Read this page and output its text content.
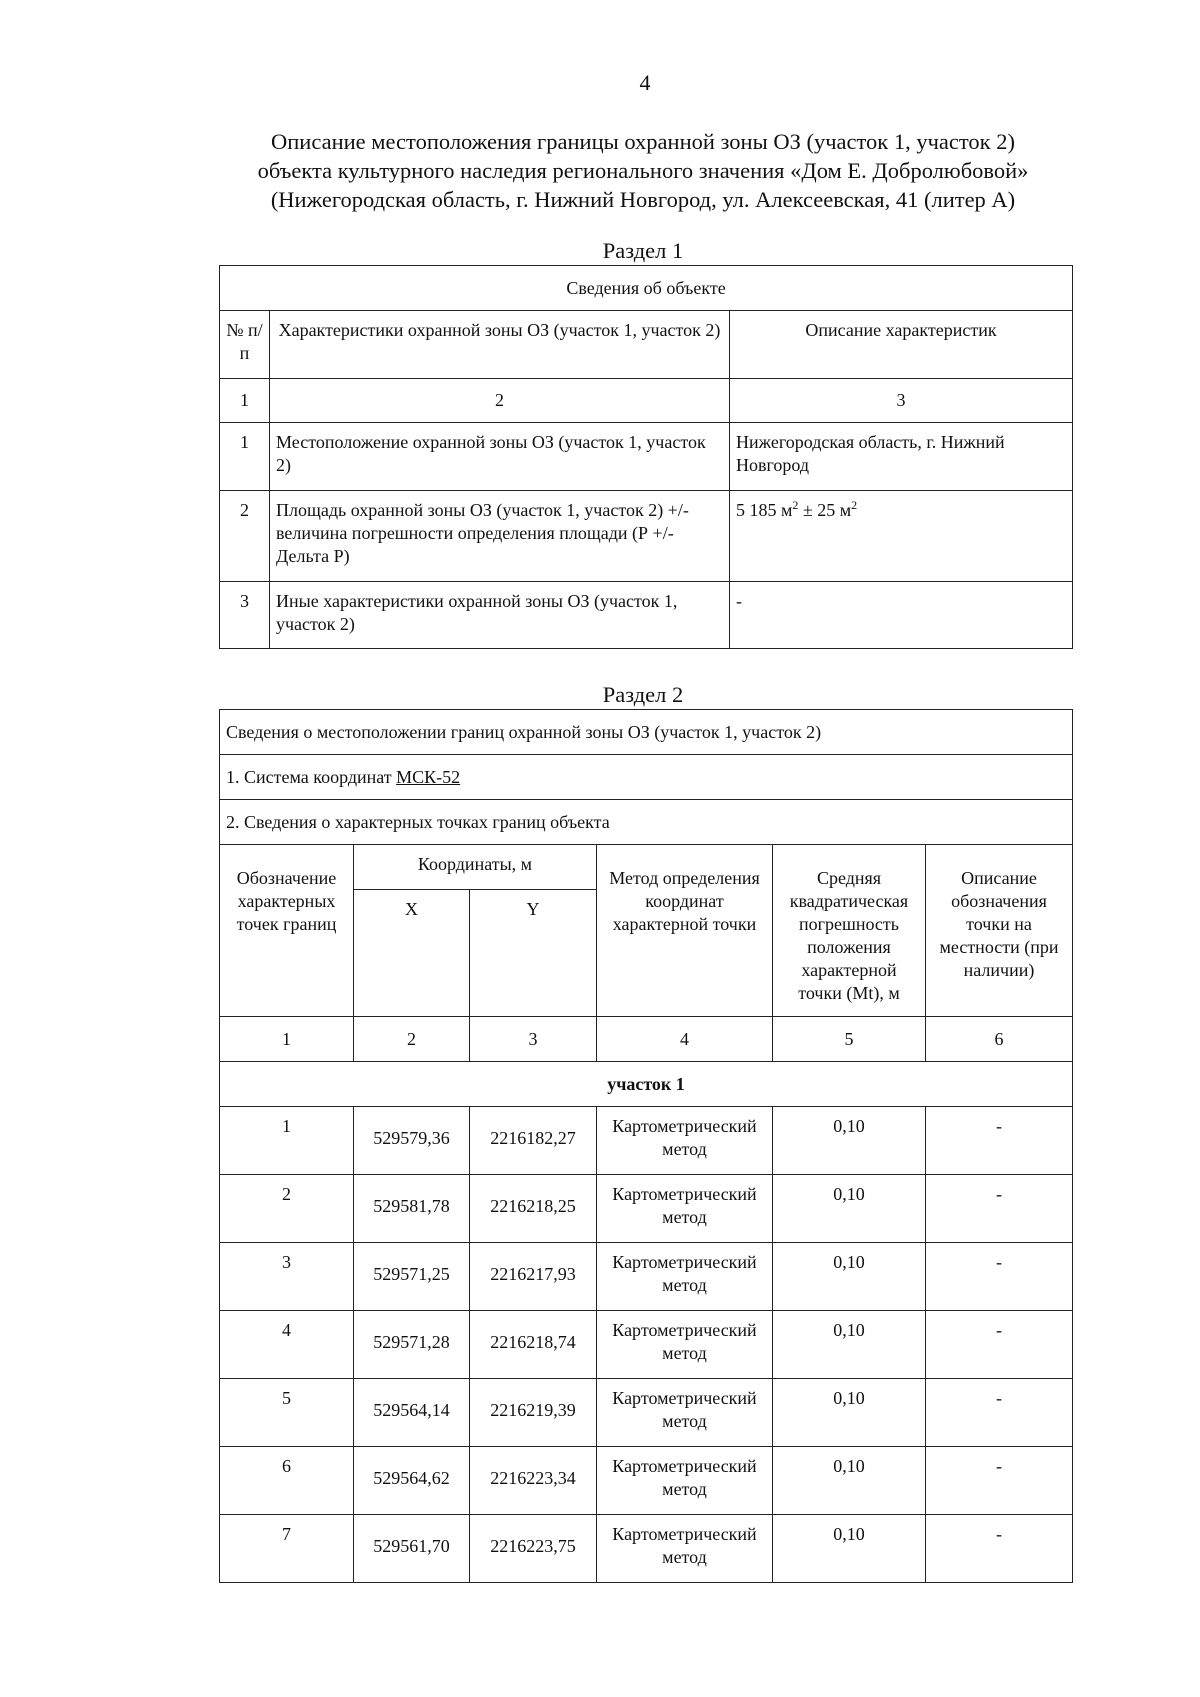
4
Описание местоположения границы охранной зоны ОЗ (участок 1, участок 2)
объекта культурного наследия регионального значения «Дом Е. Добролюбовой»
(Нижегородская область, г. Нижний Новгород, ул. Алексеевская, 41 (литер А)
Раздел 1
Сведения об объекте		
№ п/п	Характеристики охранной зоны ОЗ (участок 1, участок 2)	Описание характеристик
1	2	3
1	Местоположение охранной зоны ОЗ (участок 1, участок 2)	Нижегородская область, г. Нижний Новгород
2	Площадь охранной зоны ОЗ (участок 1, участок 2) +/- величина погрешности определения площади (Р +/- Дельта Р)	5 185 $м^2 \pm 25$ $м^2$
3	Иные характеристики охранной зоны ОЗ (участок 1, участок 2)	-
Раздел 2
Сведения о местоположении границ охранной зоны ОЗ (участок 1, участок 2)					
1. Система координат МСК-52					
2. Сведения о характерных точках границ объекта					
Обозначение характерных точек границ	Координаты, м		Метод определения координат характерной точки	Средняя квадратическая погрешность положения характерной точки (Mt), м	Описание обозначения точки на местности (при наличии)
	X	Y			
1	2	3	4	5	6
участок 1					
1	529579,36	2216182,27	Картометрический метод	0,10	-
2	529581,78	2216218,25	Картометрический метод	0,10	-
3	529571,25	2216217,93	Картометрический метод	0,10	-
4	529571,28	2216218,74	Картометрический метод	0,10	-
5	529564,14	2216219,39	Картометрический метод	0,10	-
6	529564,62	2216223,34	Картометрический метод	0,10	-
7	529561,70	2216223,75	Картометрический метод	0,10	-
